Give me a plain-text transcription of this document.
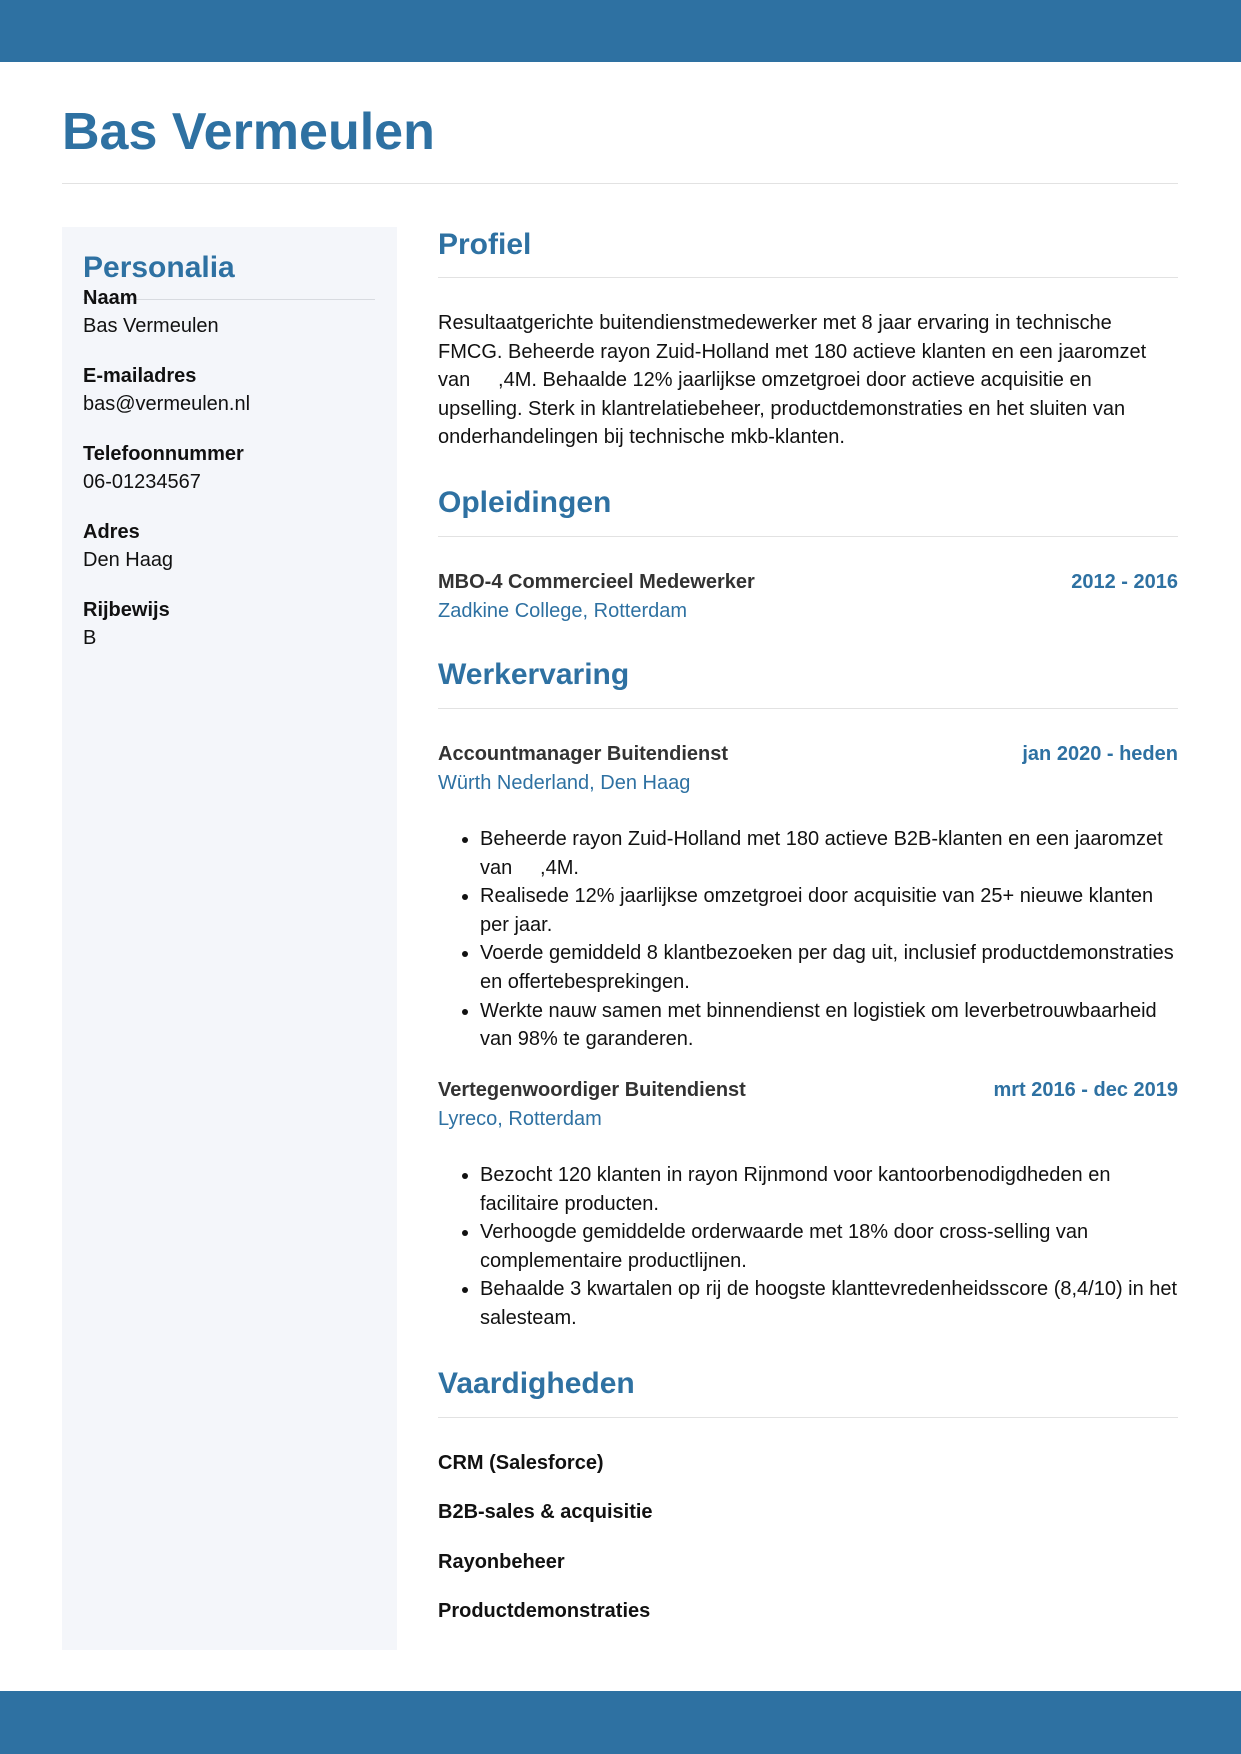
Bas Vermeulen
Personalia
Naam
Bas Vermeulen
E-mailadres
bas@vermeulen.nl
Telefoonnummer
06-01234567
Adres
Den Haag
Rijbewijs
B
Profiel

Resultaatgerichte buitendienstmedewerker met 8 jaar ervaring in technische FMCG. Beheerde rayon Zuid-Holland met 180 actieve klanten en een jaaromzet van     ,4M. Behaalde 12% jaarlijkse omzetgroei door actieve acquisitie en upselling. Sterk in klantrelatiebeheer, productdemonstraties en het sluiten van onderhandelingen bij technische mkb-klanten.

Opleidingen
MBO-4 Commercieel Medewerker	2012 - 2016
Zadkine College, Rotterdam
Werkervaring
Accountmanager Buitendienst	jan 2020 - heden
Würth Nederland, Den Haag
• Beheerde rayon Zuid-Holland met 180 actieve B2B-klanten en een jaaromzet van     ,4M.
• Realisede 12% jaarlijkse omzetgroei door acquisitie van 25+ nieuwe klanten per jaar.
• Voerde gemiddeld 8 klantbezoeken per dag uit, inclusief productdemonstraties en offertebesprekingen.
• Werkte nauw samen met binnendienst en logistiek om leverbetrouwbaarheid van 98% te garanderen.
Vertegenwoordiger Buitendienst	mrt 2016 - dec 2019
Lyreco, Rotterdam
• Bezocht 120 klanten in rayon Rijnmond voor kantoorbenodigdheden en facilitaire producten.
• Verhoogde gemiddelde orderwaarde met 18% door cross-selling van complementaire productlijnen.
• Behaalde 3 kwartalen op rij de hoogste klanttevredenheidsscore (8,4/10) in het salesteam.
Vaardigheden
CRM (Salesforce)
B2B-sales & acquisitie
Rayonbeheer
Productdemonstraties
